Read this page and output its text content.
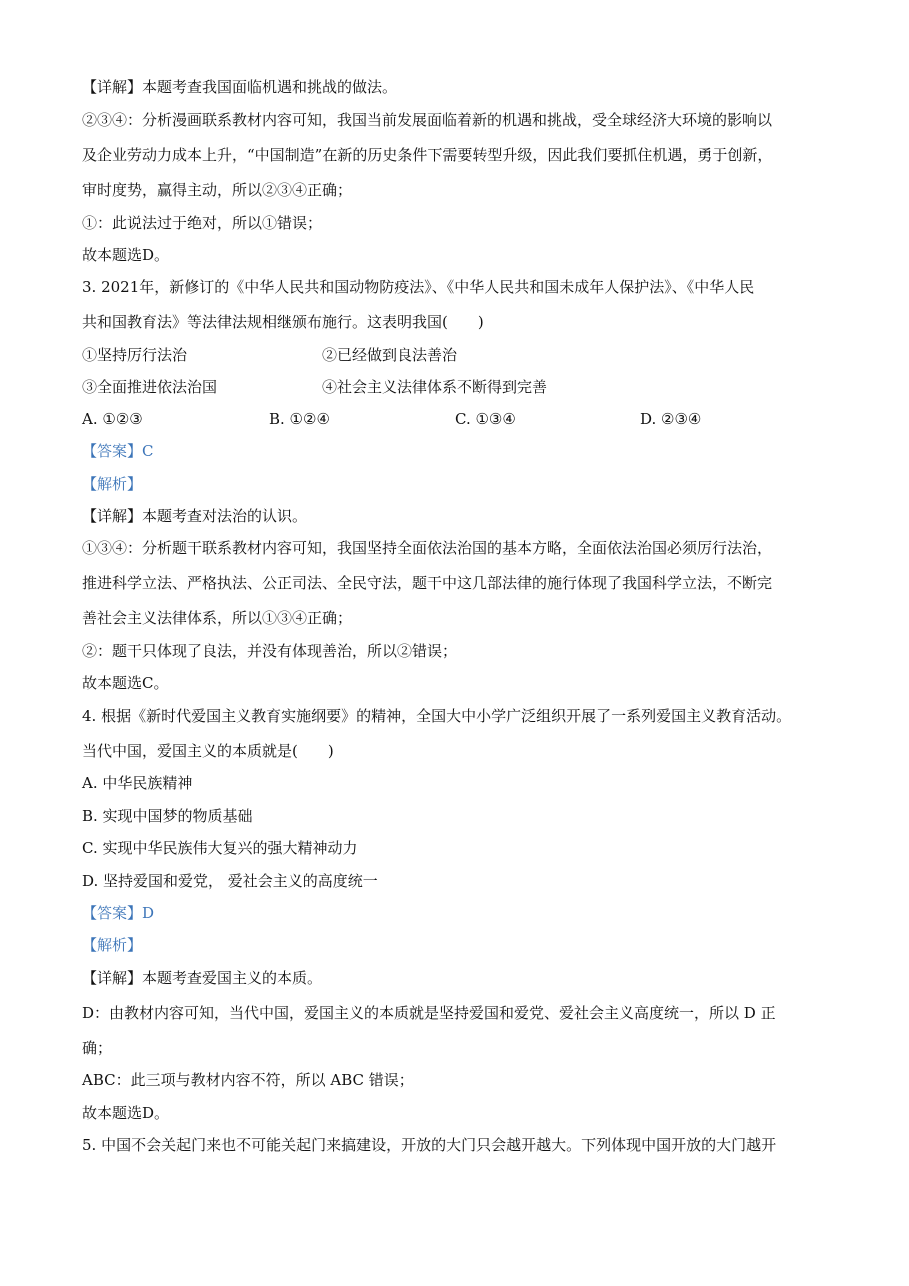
【详解】本题考查我国面临机遇和挑战的做法。
②③④：分析漫画联系教材内容可知，我国当前发展面临着新的机遇和挑战，受全球经济大环境的影响以
及企业劳动力成本上升，“中国制造”在新的历史条件下需要转型升级，因此我们要抓住机遇，勇于创新，
审时度势，赢得主动，所以②③④正确；
①：此说法过于绝对，所以①错误；
故本题选D。
3. 2021年，新修订的《中华人民共和国动物防疫法》、《中华人民共和国未成年人保护法》、《中华人民
共和国教育法》等法律法规相继颁布施行。这表明我国(　　)
①坚持厉行法治	②已经做到良法善治
③全面推进依法治国	④社会主义法律体系不断得到完善
A. ①②③	B. ①②④	C. ①③④	D. ②③④
【答案】C
【解析】
【详解】本题考查对法治的认识。
①③④：分析题干联系教材内容可知，我国坚持全面依法治国的基本方略，全面依法治国必须厉行法治，
推进科学立法、严格执法、公正司法、全民守法，题干中这几部法律的施行体现了我国科学立法，不断完
善社会主义法律体系，所以①③④正确；
②：题干只体现了良法，并没有体现善治，所以②错误；
故本题选C。
4. 根据《新时代爱国主义教育实施纲要》的精神，全国大中小学广泛组织开展了一系列爱国主义教育活动。
当代中国，爱国主义的本质就是(　　)
A. 中华民族精神
B. 实现中国梦的物质基础
C. 实现中华民族伟大复兴的强大精神动力
D. 坚持爱国和爱党， 爱社会主义的高度统一
【答案】D
【解析】
【详解】本题考查爱国主义的本质。
D：由教材内容可知，当代中国，爱国主义的本质就是坚持爱国和爱党、爱社会主义高度统一，所以 D 正
确；
ABC：此三项与教材内容不符，所以 ABC 错误；
故本题选D。
5. 中国不会关起门来也不可能关起门来搞建设，开放的大门只会越开越大。下列体现中国开放的大门越开
